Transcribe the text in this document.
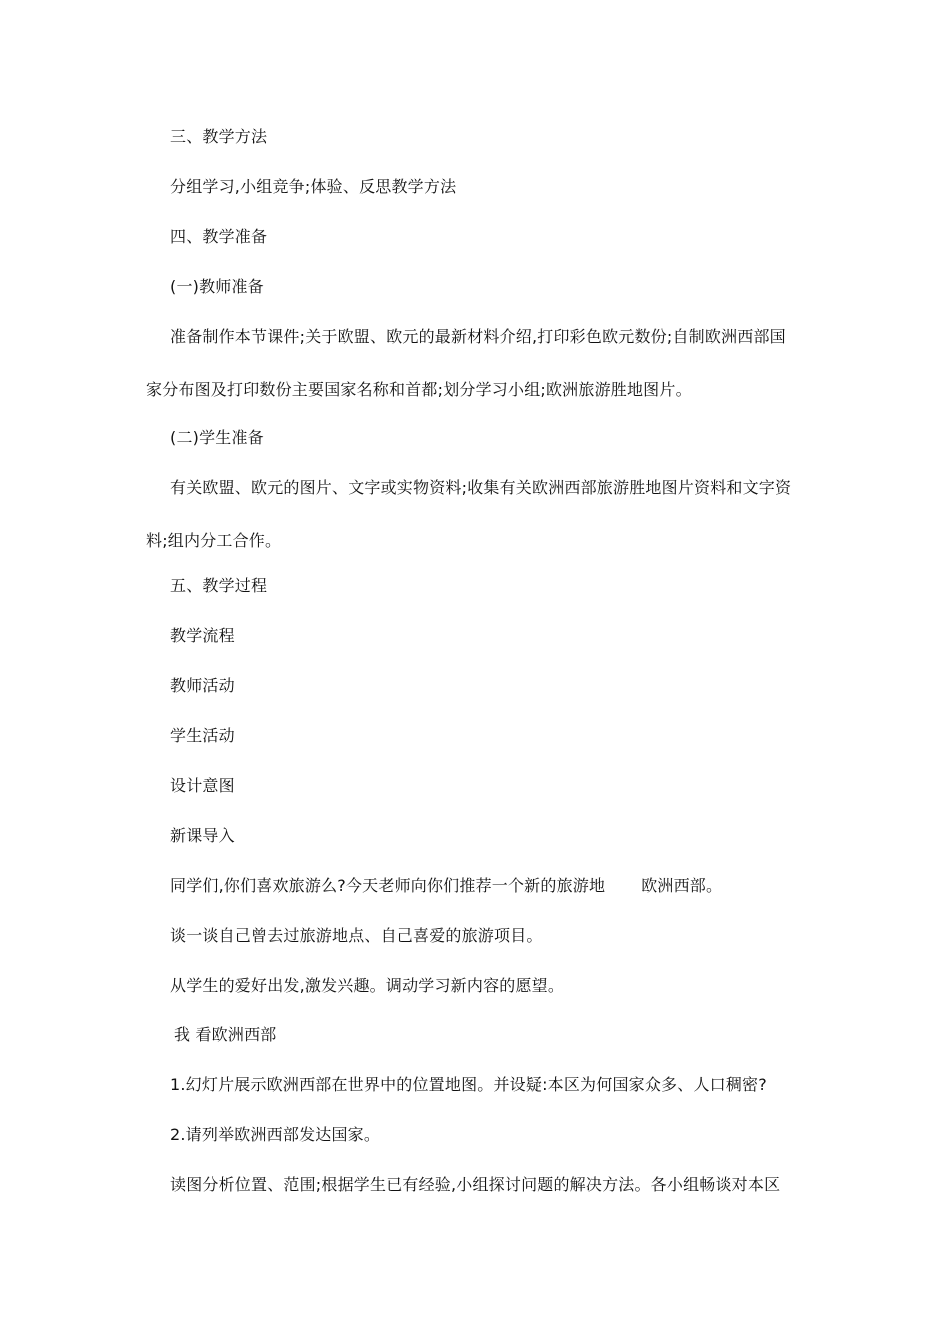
三、教学方法
分组学习,小组竞争;体验、反思教学方法
四、教学准备
(一)教师准备
准备制作本节课件;关于欧盟、欧元的最新材料介绍,打印彩色欧元数份;自制欧洲西部国
家分布图及打印数份主要国家名称和首都;划分学习小组;欧洲旅游胜地图片。
(二)学生准备
有关欧盟、欧元的图片、文字或实物资料;收集有关欧洲西部旅游胜地图片资料和文字资
料;组内分工合作。
五、教学过程
教学流程
教师活动
学生活动
设计意图
新课导入
同学们,你们喜欢旅游么?今天老师向你们推荐一个新的旅游地 欧洲西部。
谈一谈自己曾去过旅游地点、自己喜爱的旅游项目。
从学生的爱好出发,激发兴趣。调动学习新内容的愿望。
我 看欧洲西部
1.幻灯片展示欧洲西部在世界中的位置地图。并设疑:本区为何国家众多、人口稠密?
2.请列举欧洲西部发达国家。
读图分析位置、范围;根据学生已有经验,小组探讨问题的解决方法。各小组畅谈对本区
